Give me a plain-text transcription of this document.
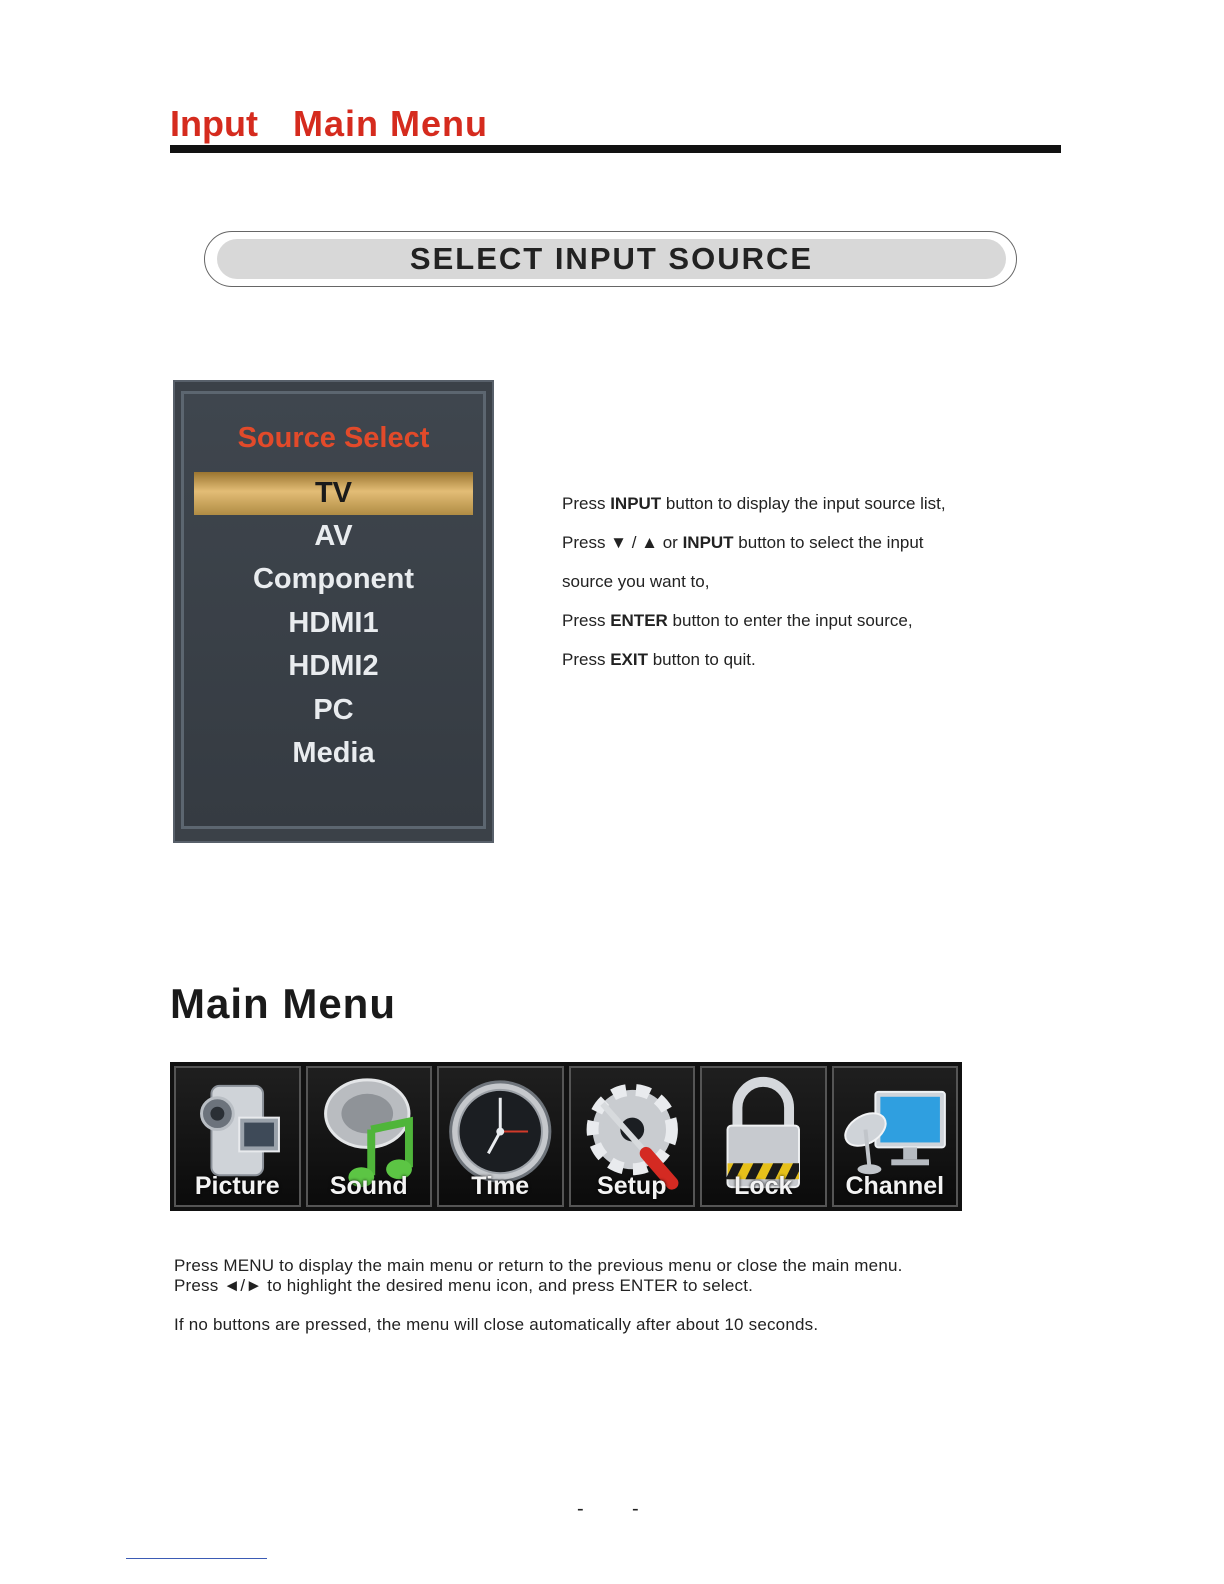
Input Main Menu
SELECT INPUT SOURCE
Source Select
TV
AV
Component
HDMI1
HDMI2
PC
Media

Press INPUT button to display the input source list,

Press ▼ / ▲ or INPUT button to select the input

source you want to,

Press ENTER button to enter the input source,

Press EXIT button to quit.

Main Menu
Picture	Sound	Time	Setup	Lock	Channel
Press MENU to display the main menu or return to the previous menu or close the main menu.
Press ◄/► to highlight the desired menu icon, and press ENTER to select.
If no buttons are pressed, the menu will close automatically after about 10 seconds.
- -
